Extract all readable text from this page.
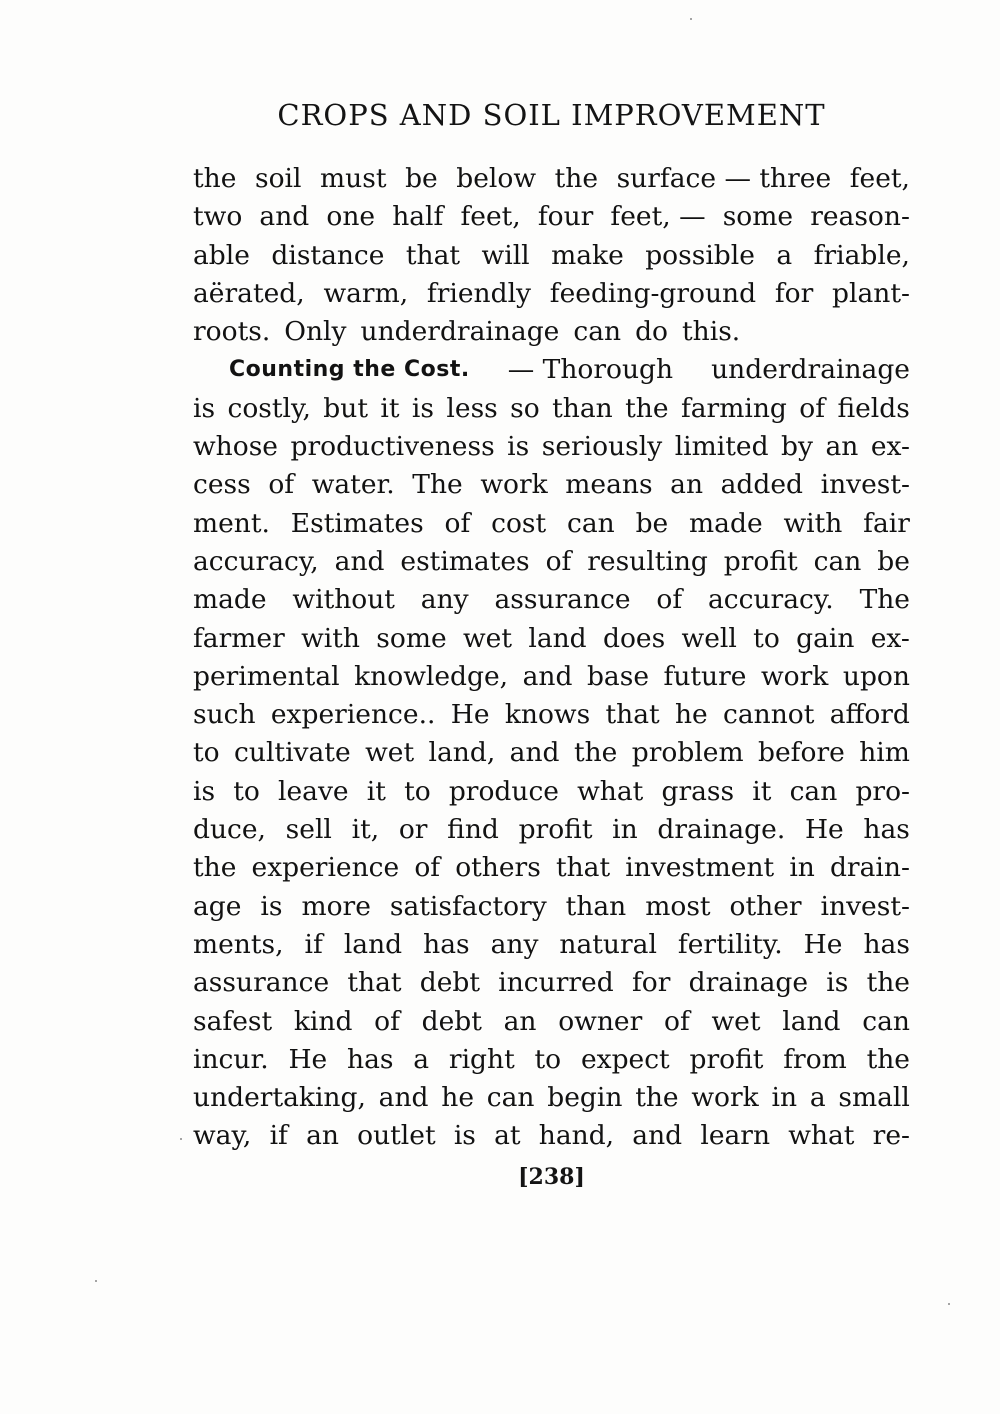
CROPS AND SOIL IMPROVEMENT
the soil must be below the surface — three feet,
two and one half feet, four feet, — some reason-
able distance that will make possible a friable,
aërated, warm, friendly feeding-ground for plant-
roots. Only underdrainage can do this.
Counting the Cost. — Thorough underdrainage
is costly, but it is less so than the farming of fields
whose productiveness is seriously limited by an ex-
cess of water. The work means an added invest-
ment. Estimates of cost can be made with fair
accuracy, and estimates of resulting profit can be
made without any assurance of accuracy. The
farmer with some wet land does well to gain ex-
perimental knowledge, and base future work upon
such experience.. He knows that he cannot afford
to cultivate wet land, and the problem before him
is to leave it to produce what grass it can pro-
duce, sell it, or find profit in drainage. He has
the experience of others that investment in drain-
age is more satisfactory than most other invest-
ments, if land has any natural fertility. He has
assurance that debt incurred for drainage is the
safest kind of debt an owner of wet land can
incur. He has a right to expect profit from the
undertaking, and he can begin the work in a small
way, if an outlet is at hand, and learn what re-
[238]
